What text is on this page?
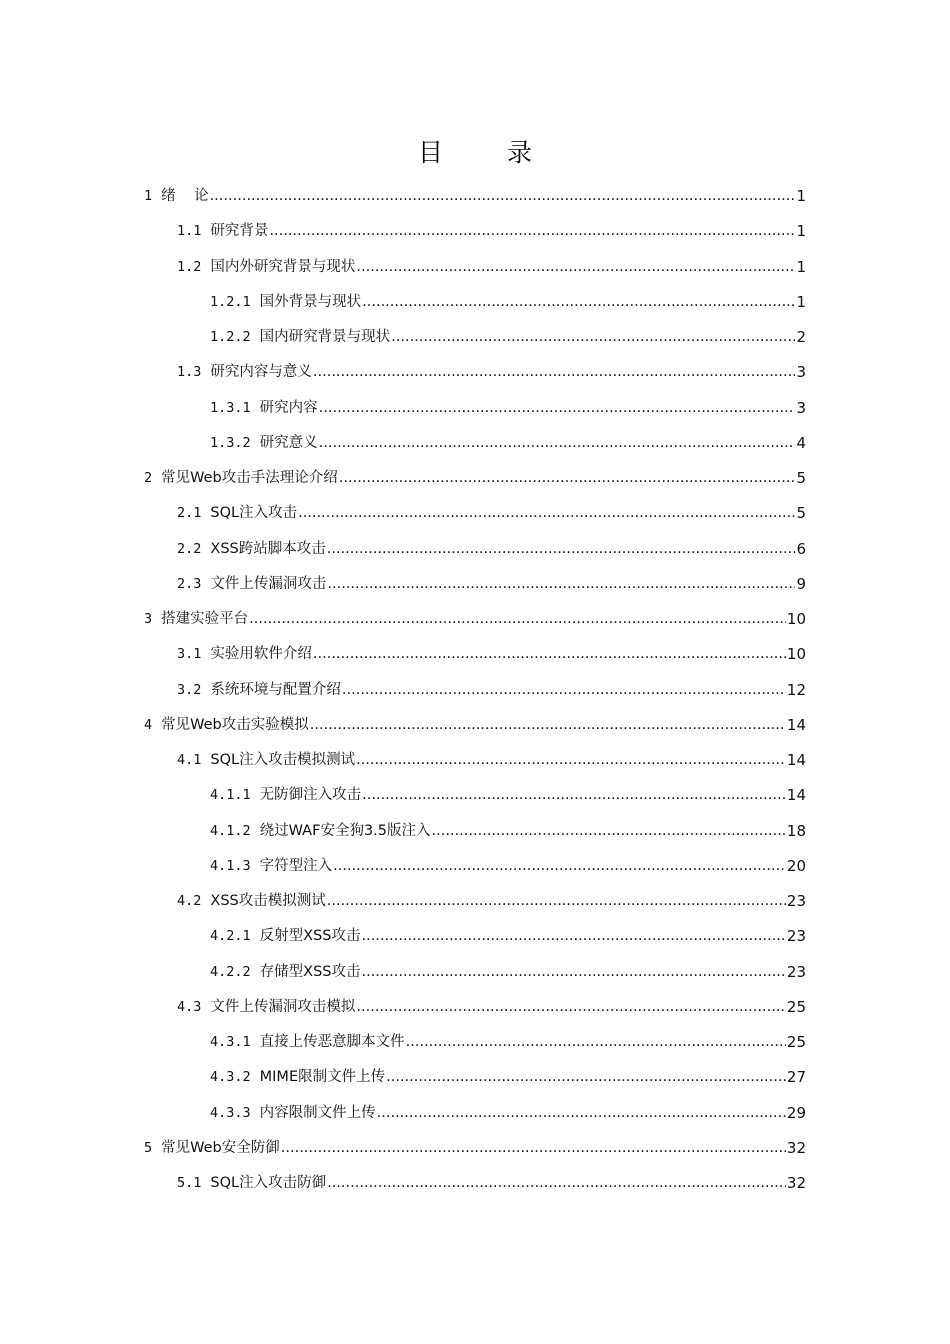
目 录
1 绪    论 .....	1
1.1 研究背景 .....	1
1.2 国内外研究背景与现状 .....	1
1.2.1 国外背景与现状 .....	1
1.2.2 国内研究背景与现状 .....	2
1.3 研究内容与意义 .....	3
1.3.1 研究内容 .....	3
1.3.2 研究意义 .....	4
2 常见Web攻击手法理论介绍 .....	5
2.1 SQL注入攻击 .....	5
2.2 XSS跨站脚本攻击 .....	6
2.3 文件上传漏洞攻击 .....	9
3 搭建实验平台 .....	10
3.1 实验用软件介绍 .....	10
3.2 系统环境与配置介绍 .....	12
4 常见Web攻击实验模拟 .....	14
4.1 SQL注入攻击模拟测试 .....	14
4.1.1 无防御注入攻击 .....	14
4.1.2 绕过WAF安全狗3.5版注入 .....	18
4.1.3 字符型注入 .....	20
4.2 XSS攻击模拟测试 .....	23
4.2.1 反射型XSS攻击 .....	23
4.2.2 存储型XSS攻击 .....	23
4.3 文件上传漏洞攻击模拟 .....	25
4.3.1 直接上传恶意脚本文件 .....	25
4.3.2 MIME限制文件上传 .....	27
4.3.3 内容限制文件上传 .....	29
5 常见Web安全防御 .....	32
5.1 SQL注入攻击防御 .....	32
